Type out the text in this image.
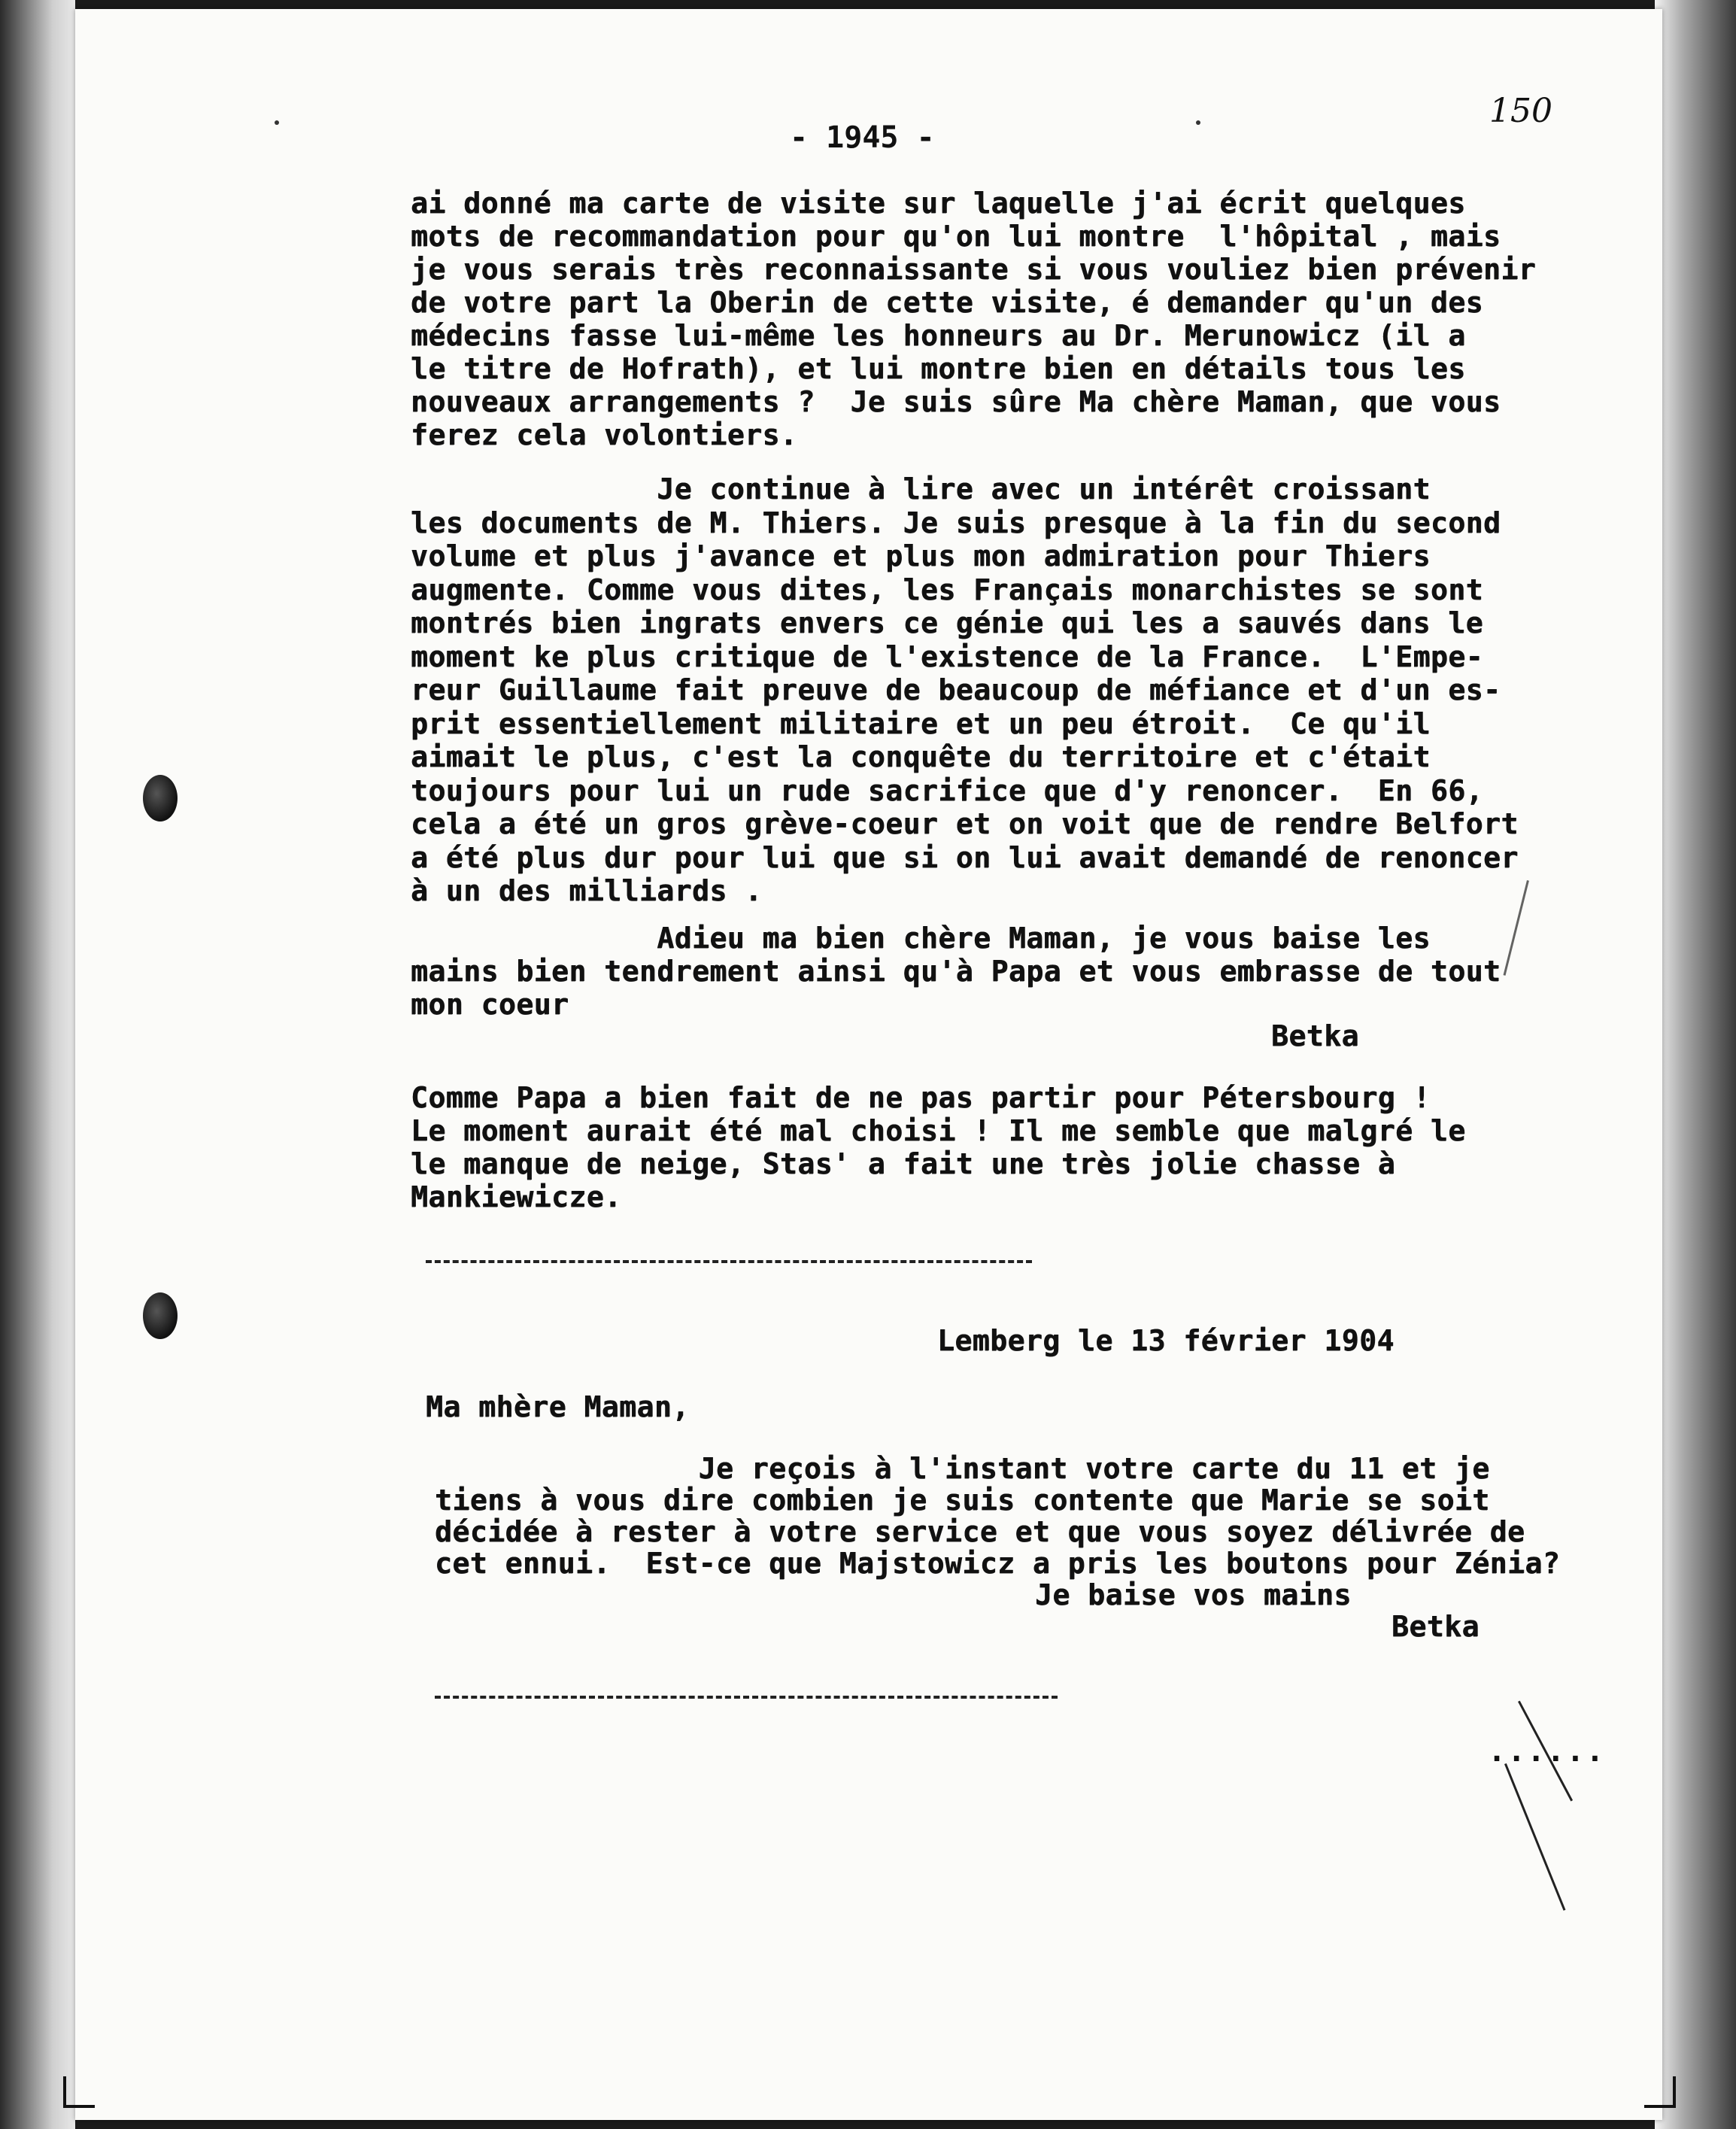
- 1945 -
150

ai donné ma carte de visite sur laquelle j'ai écrit quelques
mots de recommandation pour qu'on lui montre  l'hôpital , mais
je vous serais très reconnaissante si vous vouliez bien prévenir
de votre part la Oberin de cette visite, é demander qu'un des
médecins fasse lui-même les honneurs au Dr. Merunowicz (il a
le titre de Hofrath), et lui montre bien en détails tous les
nouveaux arrangements ?  Je suis sûre Ma chère Maman, que vous
ferez cela volontiers.

Je continue à lire avec un intérêt croissant
les documents de M. Thiers. Je suis presque à la fin du second
volume et plus j'avance et plus mon admiration pour Thiers
augmente. Comme vous dites, les Français monarchistes se sont
montrés bien ingrats envers ce génie qui les a sauvés dans le
moment ke plus critique de l'existence de la France.  L'Empe-
reur Guillaume fait preuve de beaucoup de méfiance et d'un es-
prit essentiellement militaire et un peu étroit.  Ce qu'il
aimait le plus, c'est la conquête du territoire et c'était
toujours pour lui un rude sacrifice que d'y renoncer.  En 66,
cela a été un gros grève-coeur et on voit que de rendre Belfort
a été plus dur pour lui que si on lui avait demandé de renoncer
à un des milliards .

Adieu ma bien chère Maman, je vous baise les
mains bien tendrement ainsi qu'à Papa et vous embrasse de tout
mon coeur

Betka

Comme Papa a bien fait de ne pas partir pour Pétersbourg !
Le moment aurait été mal choisi ! Il me semble que malgré le
le manque de neige, Stas' a fait une très jolie chasse à
Mankiewicze.

Lemberg le 13 février 1904

Ma mhère Maman,

Je reçois à l'instant votre carte du 11 et je
tiens à vous dire combien je suis contente que Marie se soit
décidée à rester à votre service et que vous soyez délivrée de
cet ennui.  Est-ce que Majstowicz a pris les boutons pour Zénia?

Je baise vos mains

Betka

......
